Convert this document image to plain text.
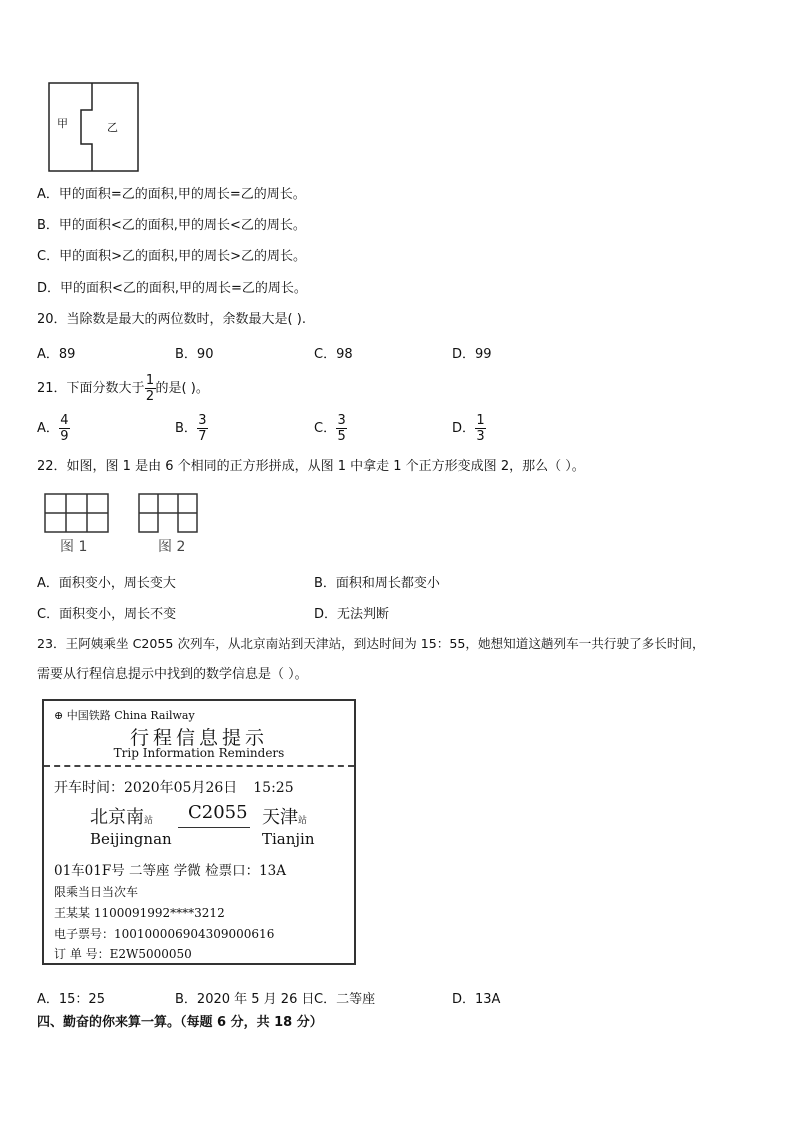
甲	乙
A．甲的面积=乙的面积,甲的周长=乙的周长。
B．甲的面积<乙的面积,甲的周长<乙的周长。
C．甲的面积>乙的面积,甲的周长>乙的周长。
D．甲的面积<乙的面积,甲的周长=乙的周长。
20．当除数是最大的两位数时，余数最大是( ).
A．89	B．90	C．98	D．99
21．下面分数大于 $\frac{1}{2}$ 的是( )。
A． $\frac{4}{9}$	B． $\frac{3}{7}$	C． $\frac{3}{5}$	D． $\frac{1}{3}$
22．如图，图 1 是由 6 个相同的正方形拼成，从图 1 中拿走 1 个正方形变成图 2，那么（ ）。
图 1	图 2
A．面积变小，周长变大	B．面积和周长都变小
C．面积变小，周长不变	D．无法判断
23．王阿姨乘坐 C2055 次列车，从北京南站到天津站，到达时间为 15：55，她想知道这趟列车一共行驶了多长时间，
需要从行程信息提示中找到的数学信息是（ ）。
⊕ 中国铁路 China Railway
行程信息提示
Trip Information Reminders
开车时间：2020年05月26日 15:25
北京南站 C2055 天津站
Beijingnan	Tianjin
01车01F号 二等座 学微 检票口：13A
限乘当日当次车
王某某 1100091992****3212
电子票号：1001000069043090006​16
订 单 号：E2W5000050
A．15：25	B．2020 年 5 月 26 日 C．二等座	D．13A
四、勤奋的你来算一算。（每题 6 分，共 18 分）
